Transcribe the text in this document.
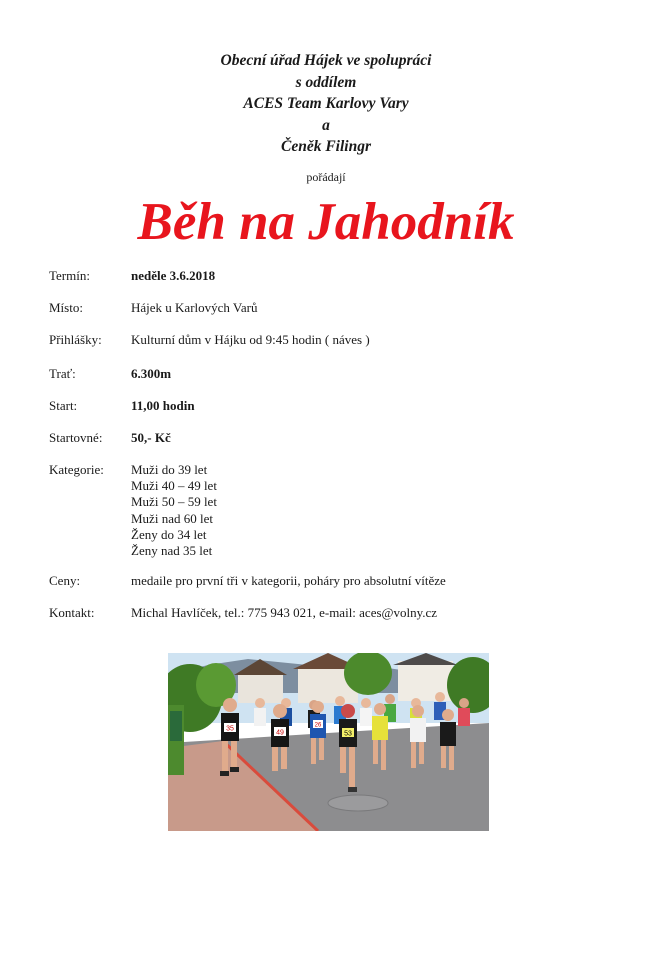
Obecní úřad Hájek ve spolupráci
s oddílem
ACES Team Karlovy Vary
a
Čeněk Filingr
pořádají
Běh na Jahodník
Termín:	neděle 3.6.2018
Místo:	Hájek u Karlových Varů
Přihlášky: Kulturní dům v Hájku od 9:45 hodin ( náves )
Trať:	6.300m
Start:	11,00 hodin
Startovné: 50,- Kč
Kategorie: Muži do 39 let
Muži 40 – 49 let
Muži 50 – 59 let
Muži nad 60 let
Ženy do 34 let
Ženy nad 35 let
Ceny:	medaile pro první tři v kategorii, poháry pro absolutní vítěze
Kontakt:	Michal Havlíček, tel.: 775 943 021, e-mail: aces@volny.cz
35
49	53
26
